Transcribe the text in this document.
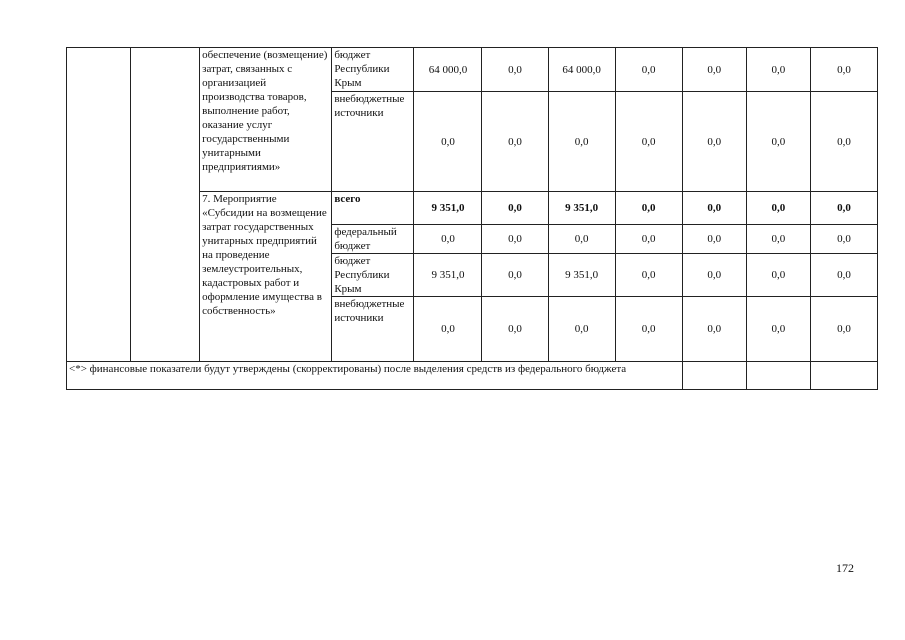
		обеспечение (возмещение) затрат, связанных с организацией производства товаров, выполнение работ, оказание услуг государственными унитарными предприятиями»	бюджет Республики Крым	64 000,0	0,0	64 000,0	0,0	0,0	0,0	0,0
			внебюджетные источники	0,0	0,0	0,0	0,0	0,0	0,0	0,0
		7. Мероприятие «Субсидии на возмещение затрат государственных унитарных предприятий на проведение землеустроительных, кадастровых работ и оформление имущества в собственность»	всего	9 351,0	0,0	9 351,0	0,0	0,0	0,0	0,0
			федеральный бюджет	0,0	0,0	0,0	0,0	0,0	0,0	0,0
			бюджет Республики Крым	9 351,0	0,0	9 351,0	0,0	0,0	0,0	0,0
			внебюджетные источники	0,0	0,0	0,0	0,0	0,0	0,0	0,0
<*> финансовые показатели будут утверждены (скорректированы) после выделения средств из федерального бюджета										
172
